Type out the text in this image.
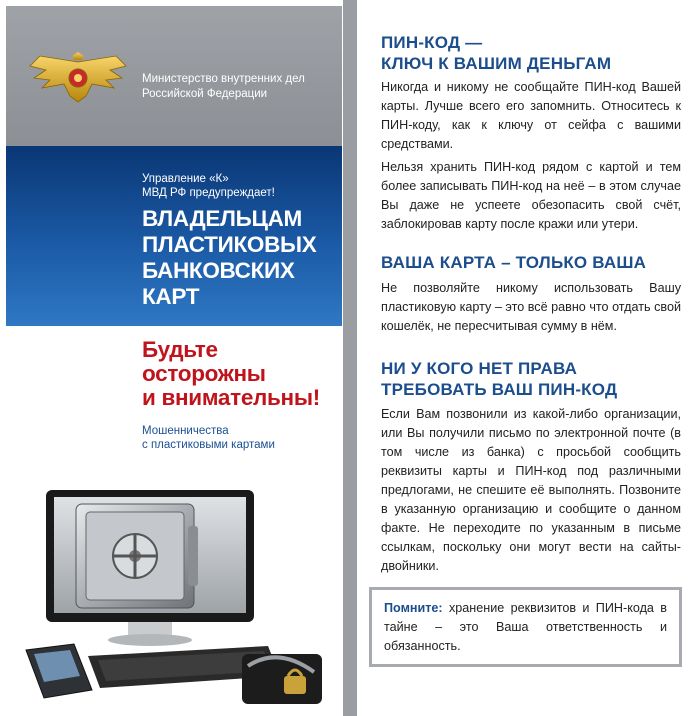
Министерство внутренних дел
Российской Федерации
Управление «К»
МВД РФ предупреждает!
ВЛАДЕЛЬЦАМ
ПЛАСТИКОВЫХ
БАНКОВСКИХ
КАРТ
Будьте
осторожны
и внимательны!
Мошенничества
с пластиковыми картами
ПИН-КОД —
КЛЮЧ К ВАШИМ ДЕНЬГАМ
Никогда и никому не сообщайте ПИН-код Вашей карты. Лучше всего его запомнить. Относитесь к ПИН-коду, как к ключу от сейфа с вашими средствами.
Нельзя хранить ПИН-код рядом с картой и тем более записывать ПИН-код на неё – в этом случае Вы даже не успеете обезопасить свой счёт, заблокировав карту после кражи или утери.
ВАША КАРТА – ТОЛЬКО ВАША
Не позволяйте никому использовать Вашу пластиковую карту – это всё равно что отдать свой кошелёк, не пересчитывая сумму в нём.
НИ У КОГО НЕТ ПРАВА
ТРЕБОВАТЬ ВАШ ПИН-КОД
Если Вам позвонили из какой-либо организации, или Вы получили письмо по электронной почте (в том числе из банка) с просьбой сообщить реквизиты карты и ПИН-код под различными предлогами, не спешите её выполнять. Позвоните в указанную организацию и сообщите о данном факте. Не переходите по указанным в письме ссылкам, поскольку они могут вести на сайты-двойники.
Помните: хранение реквизитов и ПИН-кода в тайне – это Ваша ответственность и обязанность.
